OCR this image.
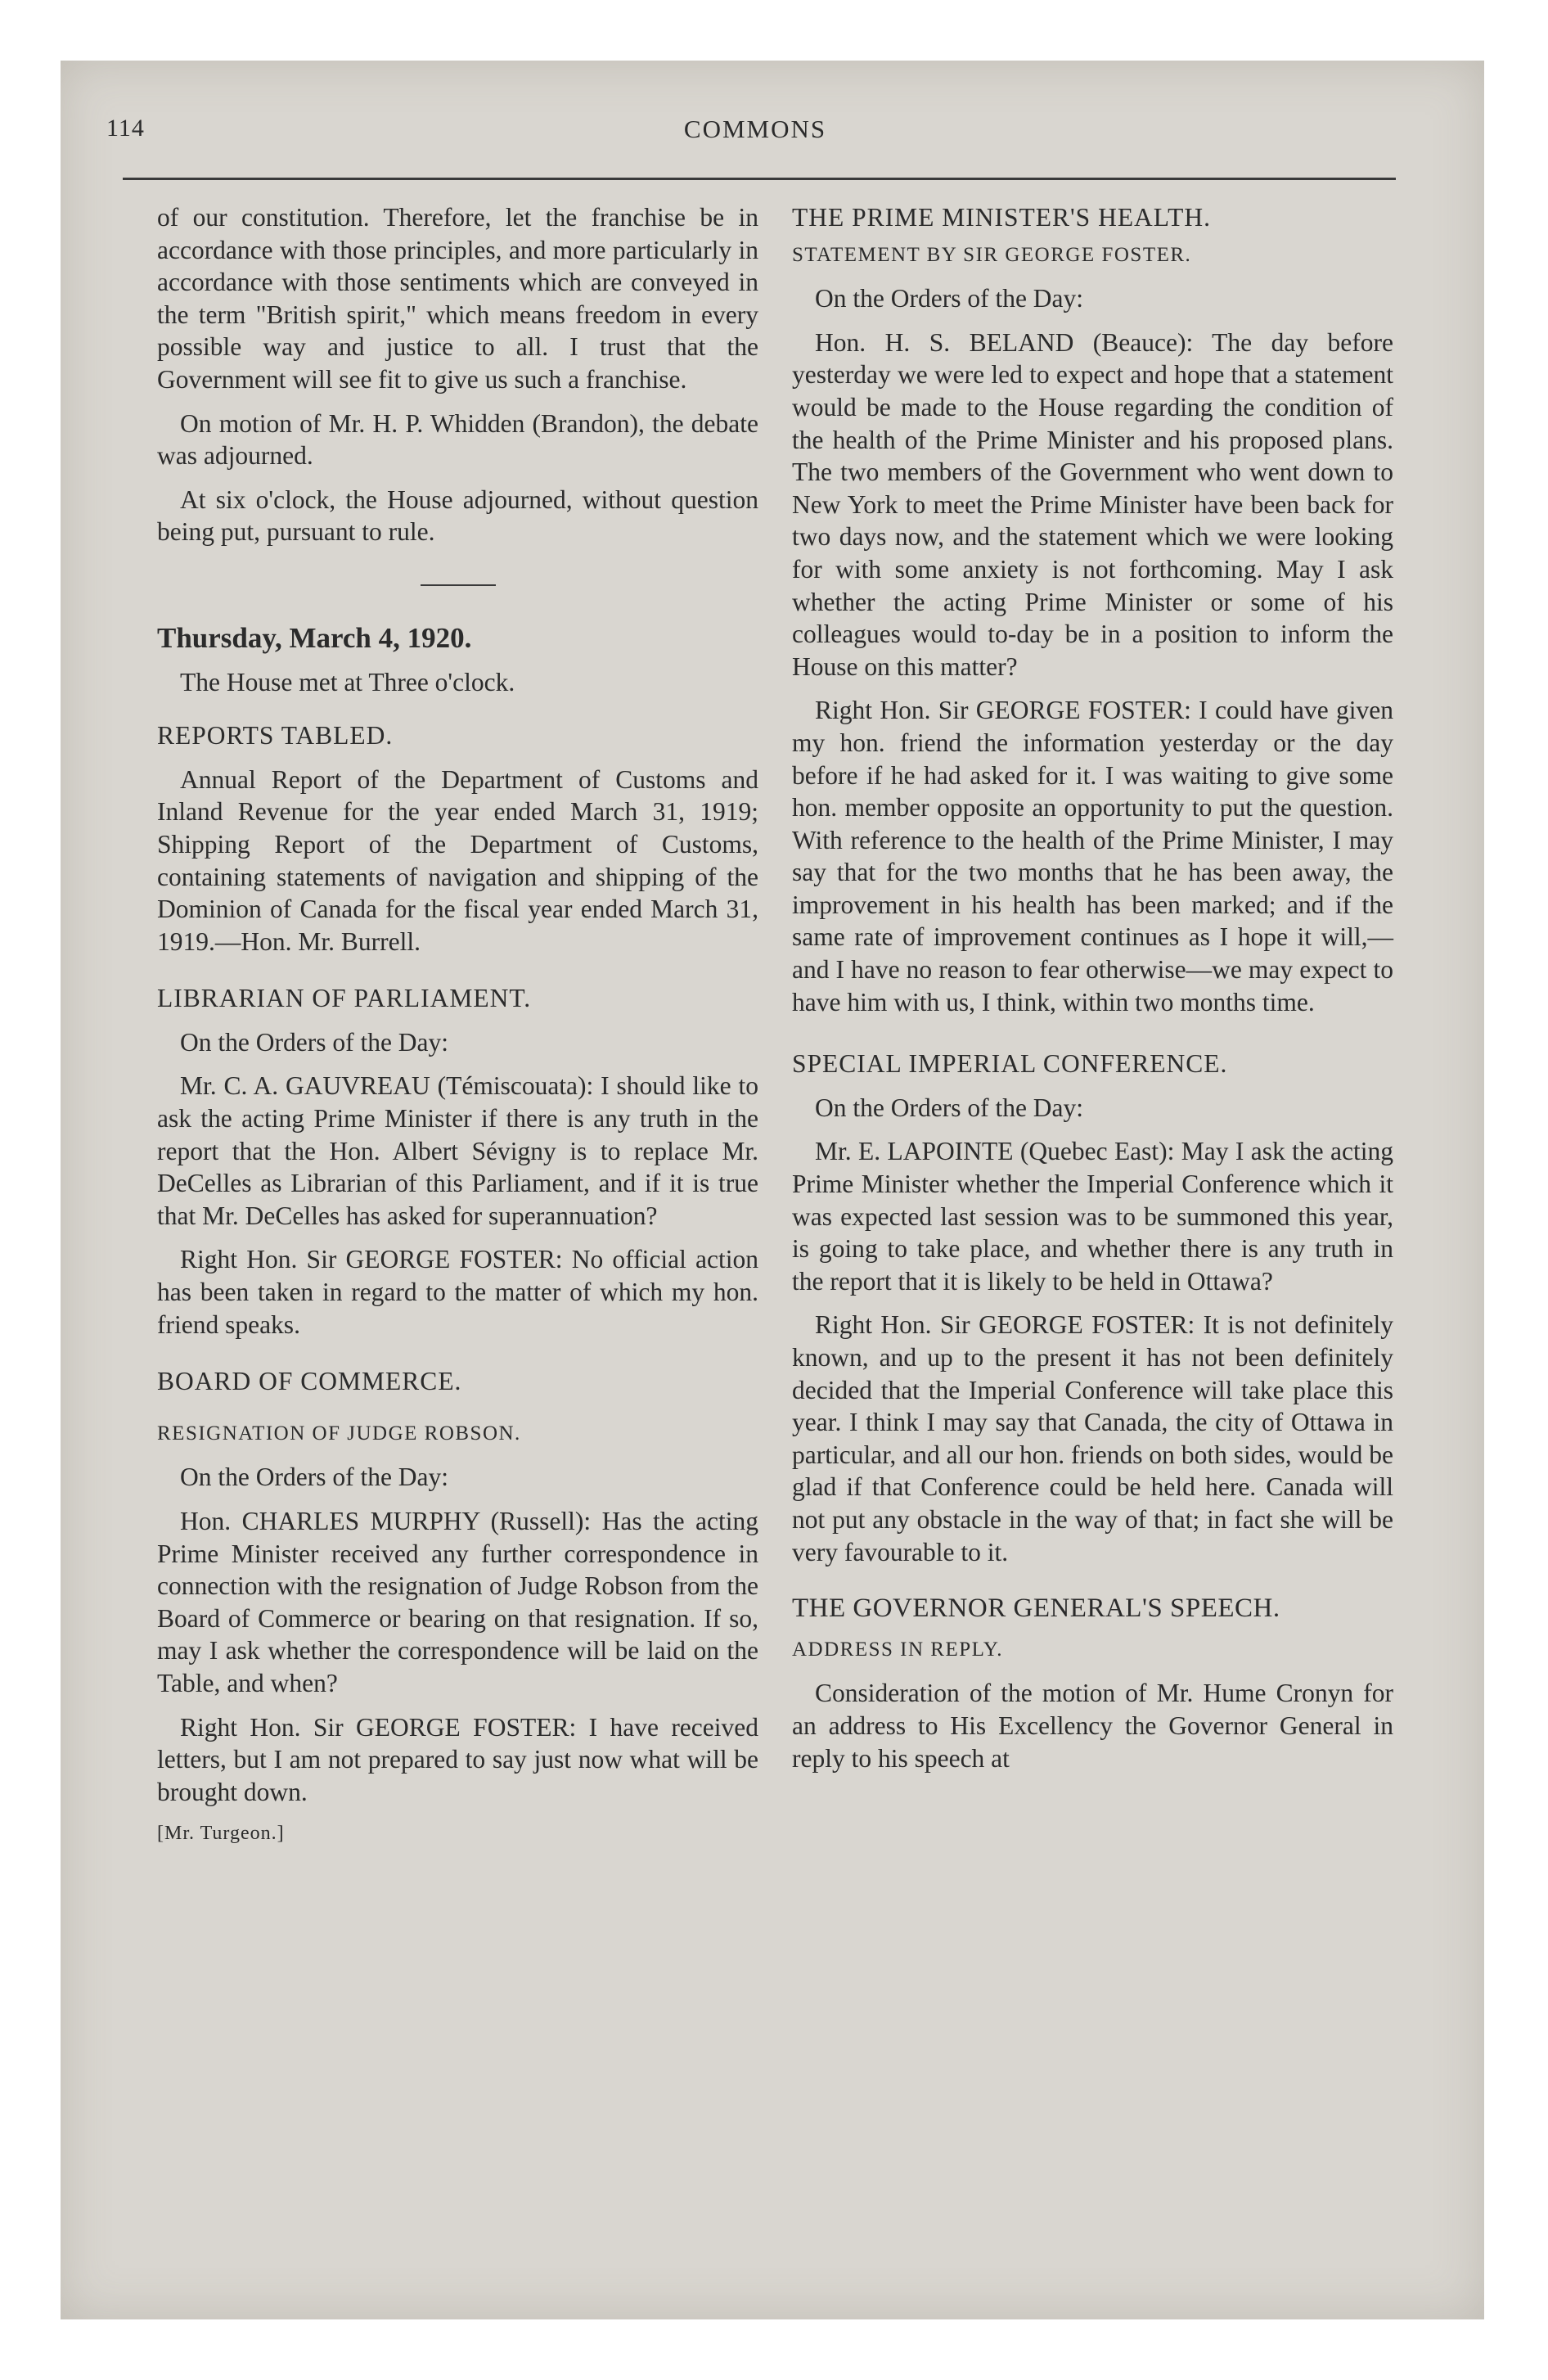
114	COMMONS

of our constitution. Therefore, let the franchise be in accordance with those principles, and more particularly in accordance with those sentiments which are conveyed in the term "British spirit," which means freedom in every possible way and justice to all. I trust that the Government will see fit to give us such a franchise.

On motion of Mr. H. P. Whidden (Brandon), the debate was adjourned.

At six o'clock, the House adjourned, without question being put, pursuant to rule.

Thursday, March 4, 1920.

The House met at Three o'clock.

REPORTS TABLED.

Annual Report of the Department of Customs and Inland Revenue for the year ended March 31, 1919; Shipping Report of the Department of Customs, containing statements of navigation and shipping of the Dominion of Canada for the fiscal year ended March 31, 1919.—Hon. Mr. Burrell.

LIBRARIAN OF PARLIAMENT.

On the Orders of the Day:

Mr. C. A. GAUVREAU (Témiscouata): I should like to ask the acting Prime Minister if there is any truth in the report that the Hon. Albert Sévigny is to replace Mr. DeCelles as Librarian of this Parliament, and if it is true that Mr. DeCelles has asked for superannuation?

Right Hon. Sir GEORGE FOSTER: No official action has been taken in regard to the matter of which my hon. friend speaks.

BOARD OF COMMERCE.

RESIGNATION OF JUDGE ROBSON.

On the Orders of the Day:

Hon. CHARLES MURPHY (Russell): Has the acting Prime Minister received any further correspondence in connection with the resignation of Judge Robson from the Board of Commerce or bearing on that resignation. If so, may I ask whether the correspondence will be laid on the Table, and when?

Right Hon. Sir GEORGE FOSTER: I have received letters, but I am not prepared to say just now what will be brought down.

[Mr. Turgeon.]

THE PRIME MINISTER'S HEALTH.

STATEMENT BY SIR GEORGE FOSTER.

On the Orders of the Day:

Hon. H. S. BELAND (Beauce): The day before yesterday we were led to expect and hope that a statement would be made to the House regarding the condition of the health of the Prime Minister and his proposed plans. The two members of the Government who went down to New York to meet the Prime Minister have been back for two days now, and the statement which we were looking for with some anxiety is not forthcoming. May I ask whether the acting Prime Minister or some of his colleagues would to-day be in a position to inform the House on this matter?

Right Hon. Sir GEORGE FOSTER: I could have given my hon. friend the information yesterday or the day before if he had asked for it. I was waiting to give some hon. member opposite an opportunity to put the question. With reference to the health of the Prime Minister, I may say that for the two months that he has been away, the improvement in his health has been marked; and if the same rate of improvement continues as I hope it will,—and I have no reason to fear otherwise—we may expect to have him with us, I think, within two months time.

SPECIAL IMPERIAL CONFERENCE.

On the Orders of the Day:

Mr. E. LAPOINTE (Quebec East): May I ask the acting Prime Minister whether the Imperial Conference which it was expected last session was to be summoned this year, is going to take place, and whether there is any truth in the report that it is likely to be held in Ottawa?

Right Hon. Sir GEORGE FOSTER: It is not definitely known, and up to the present it has not been definitely decided that the Imperial Conference will take place this year. I think I may say that Canada, the city of Ottawa in particular, and all our hon. friends on both sides, would be glad if that Conference could be held here. Canada will not put any obstacle in the way of that; in fact she will be very favourable to it.

THE GOVERNOR GENERAL'S SPEECH.

ADDRESS IN REPLY.

Consideration of the motion of Mr. Hume Cronyn for an address to His Excellency the Governor General in reply to his speech at
